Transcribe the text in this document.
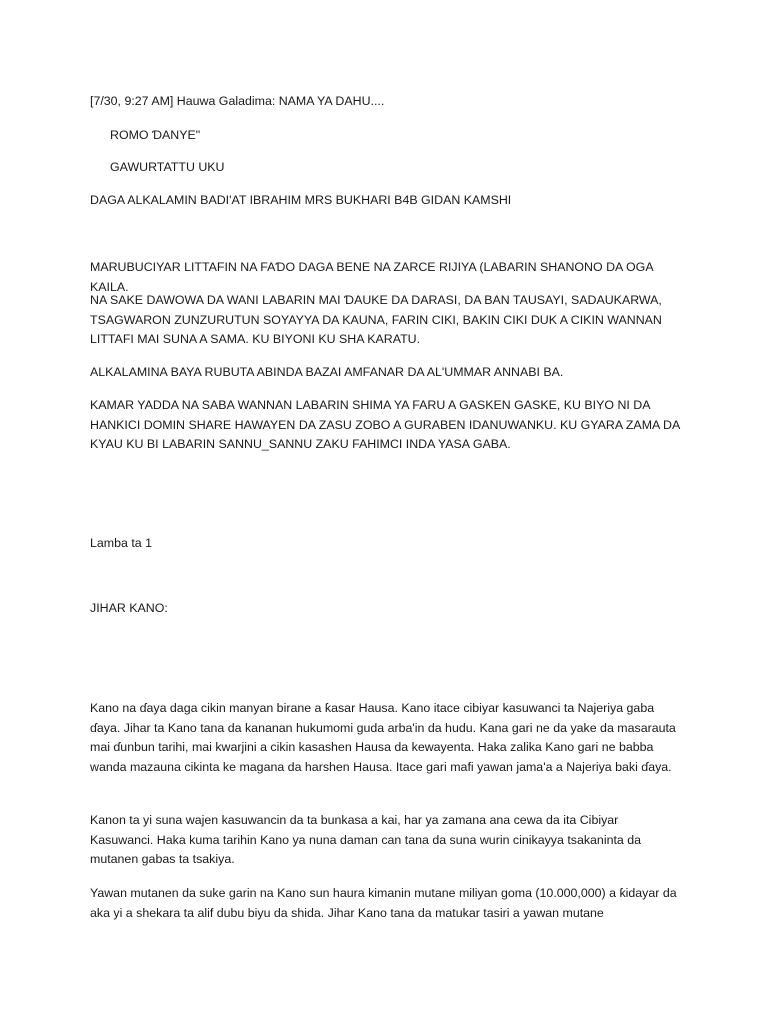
[7/30, 9:27 AM] Hauwa Galadima: NAMA YA DAHU....

ROMO ƊANYE"

GAWURTATTU UKU

DAGA ALKALAMIN BADI'AT IBRAHIM MRS BUKHARI B4B GIDAN KAMSHI

MARUBUCIYAR LITTAFIN NA FAƊO DAGA BENE NA ZARCE RIJIYA (LABARIN SHANONO DA OGA KAILA.

NA SAKE DAWOWA DA WANI LABARIN MAI ƊAUKE DA DARASI, DA BAN TAUSAYI, SADAUKARWA, TSAGWARON ZUNZURUTUN SOYAYYA DA KAUNA, FARIN CIKI, BAKIN CIKI DUK A CIKIN WANNAN LITTAFI MAI SUNA A SAMA. KU BIYONI KU SHA KARATU.

ALKALAMINA BAYA RUBUTA ABINDA BAZAI AMFANAR DA AL'UMMAR ANNABI BA.

KAMAR YADDA NA SABA WANNAN LABARIN SHIMA YA FARU A GASKEN GASKE, KU BIYO NI DA HANKICI DOMIN SHARE HAWAYEN DA ZASU ZOBO A GURABEN IDANUWANKU. KU GYARA ZAMA DA KYAU KU BI LABARIN SANNU_SANNU ZAKU FAHIMCI INDA YASA GABA.

Lamba ta 1

JIHAR KANO:

Kano na ɗaya daga cikin manyan birane a ƙasar Hausa. Kano itace cibiyar kasuwanci ta Najeriya gaba ɗaya. Jihar ta Kano tana da kananan hukumomi guda arba'in da hudu. Kana gari ne da yake da masarauta mai ɗunbun tarihi, mai kwarjini a cikin kasashen Hausa da kewayenta. Haka zalika Kano gari ne babba wanda mazauna cikinta ke magana da harshen Hausa. Itace gari mafi yawan jama'a a Najeriya baki ɗaya.

Kanon ta yi suna wajen kasuwancin da ta bunkasa a kai, har ya zamana ana cewa da ita Cibiyar Kasuwanci. Haka kuma tarihin Kano ya nuna daman can tana da suna wurin cinikayya tsakaninta da mutanen gabas ta tsakiya.

Yawan mutanen da suke garin na Kano sun haura kimanin mutane miliyan goma (10.000,000) a ƙidayar da aka yi a shekara ta alif dubu biyu da shida. Jihar Kano tana da matukar tasiri a yawan mutane
